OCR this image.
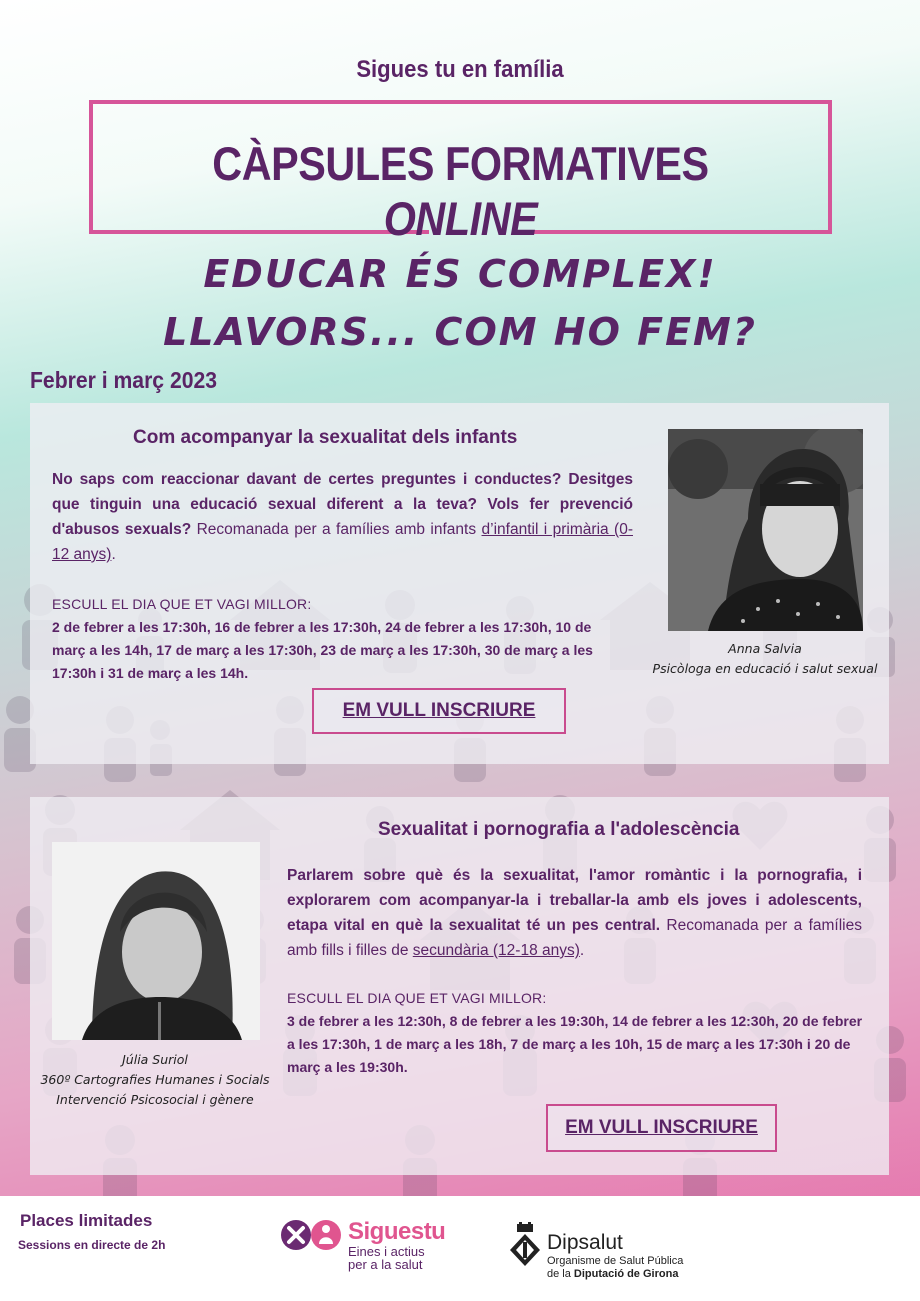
Sigues tu en família
CÀPSULES FORMATIVES ONLINE
EDUCAR ÉS COMPLEX!
LLAVORS... COM HO FEM?
Febrer i març 2023
Com acompanyar la sexualitat dels infants
No saps com reaccionar davant de certes preguntes i conductes? Desitges que tinguin una educació sexual diferent a la teva? Vols fer prevenció d'abusos sexuals? Recomanada per a famílies amb infants d’infantil i primària (0-12 anys).
ESCULL EL DIA QUE ET VAGI MILLOR:
2 de febrer a les 17:30h, 16 de febrer a les 17:30h, 24 de febrer a les 17:30h, 10 de març a les 14h, 17 de març a les 17:30h, 23 de març a les 17:30h, 30 de març a les 17:30h i 31 de març a les 14h.
EM VULL INSCRIURE
Anna Salvia
Psicòloga en educació i salut sexual
Sexualitat i pornografia a l'adolescència
Júlia Suriol
360º Cartografies Humanes i Socials
Intervenció Psicosocial i gènere
Parlarem sobre què és la sexualitat, l'amor romàntic i la pornografia, i explorarem com acompanyar-la i treballar-la amb els joves i adolescents, etapa vital en què la sexualitat té un pes central. Recomanada per a famílies amb fills i filles de secundària (12-18 anys).
ESCULL EL DIA QUE ET VAGI MILLOR:
3 de febrer a les 12:30h, 8 de febrer a les 19:30h, 14 de febrer a les 12:30h, 20 de febrer a les 17:30h, 1 de març a les 18h, 7 de març a les 10h, 15 de març a les 17:30h i 20 de març a les 19:30h.
EM VULL INSCRIURE
Places limitades
Sessions en directe de 2h	Siguestu
Eines i actius
per a la salut
Dipsalut
Organisme de Salut Pública
de la Diputació de Girona
